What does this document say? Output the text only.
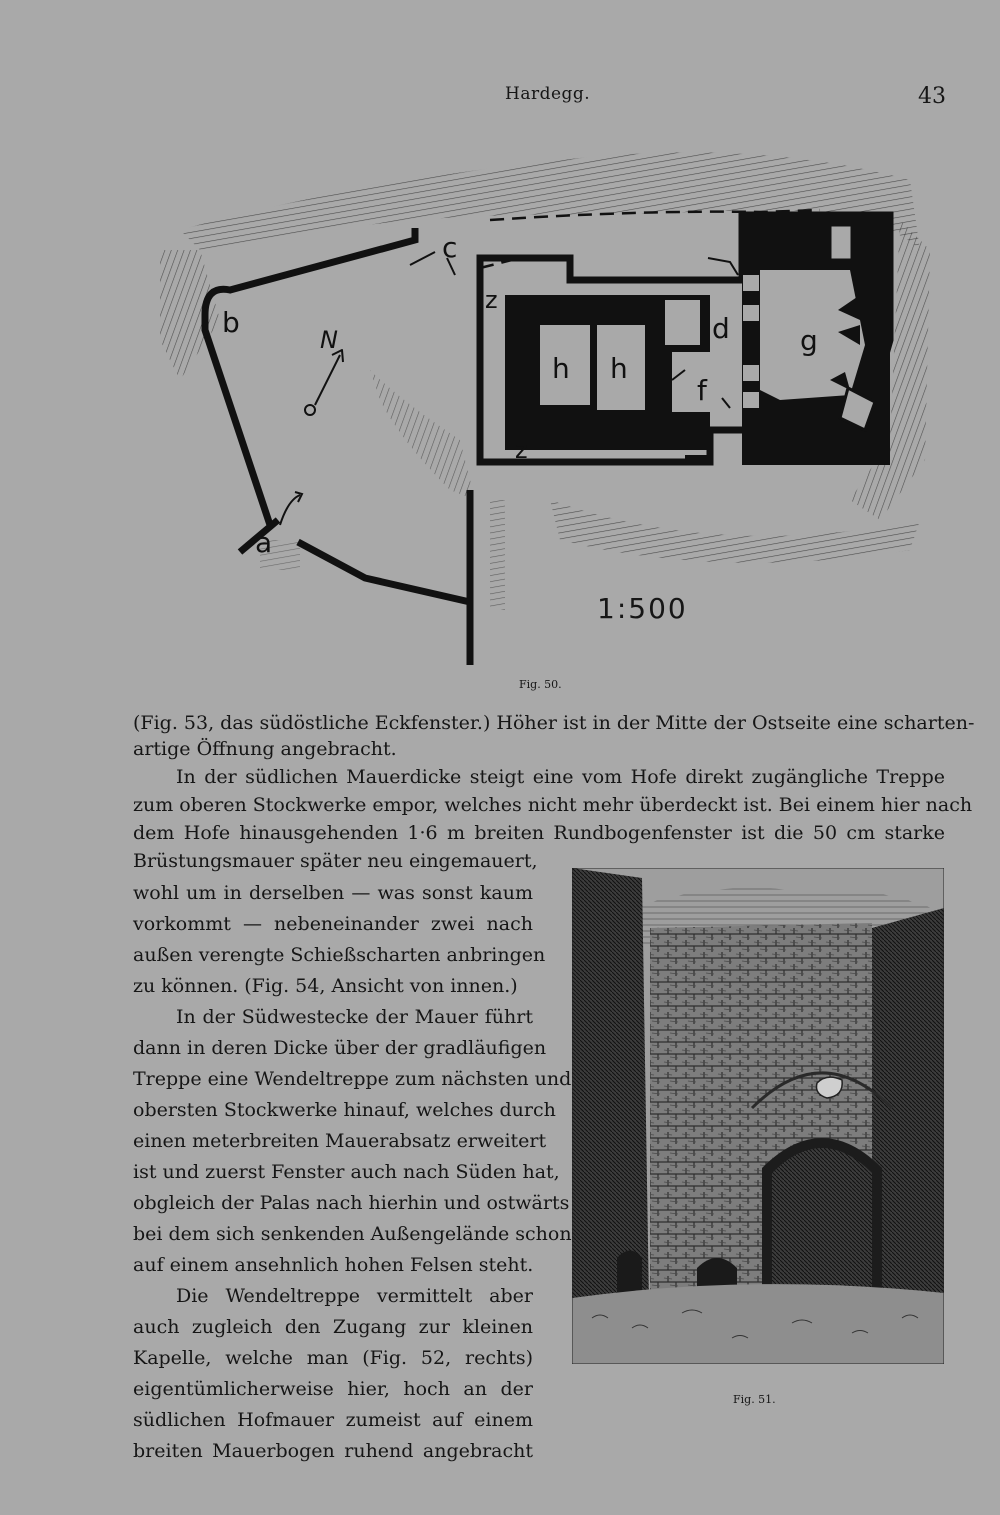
Hardegg.	43
a
b
c
d
f
g
h h
z
z
N
1:500
Fig. 50.
(Fig. 53, das südöstliche Eckfenster.) Höher ist in der Mitte der Ostseite eine scharten-
artige Öffnung angebracht.
In der südlichen Mauerdicke steigt eine vom Hofe direkt zugängliche Treppe
zum oberen Stockwerke empor, welches nicht mehr überdeckt ist. Bei einem hier nach
dem Hofe hinausgehenden 1·6 m breiten Rundbogenfenster ist die 50 cm starke
Brüstungsmauer später neu eingemauert,
wohl um in derselben — was sonst kaum
vorkommt — nebeneinander zwei nach
außen verengte Schießscharten anbringen
zu können. (Fig. 54, Ansicht von innen.)
In der Südwestecke der Mauer führt
dann in deren Dicke über der gradläufigen
Treppe eine Wendeltreppe zum nächsten und
obersten Stockwerke hinauf, welches durch
einen meterbreiten Mauerabsatz erweitert
ist und zuerst Fenster auch nach Süden hat,
obgleich der Palas nach hierhin und ostwärts
bei dem sich senkenden Außengelände schon
auf einem ansehnlich hohen Felsen steht.
Die Wendeltreppe vermittelt aber
auch zugleich den Zugang zur kleinen
Kapelle, welche man (Fig. 52, rechts)
eigentümlicherweise hier, hoch an der
südlichen Hofmauer zumeist auf einem
breiten Mauerbogen ruhend angebracht
Fig. 51.
